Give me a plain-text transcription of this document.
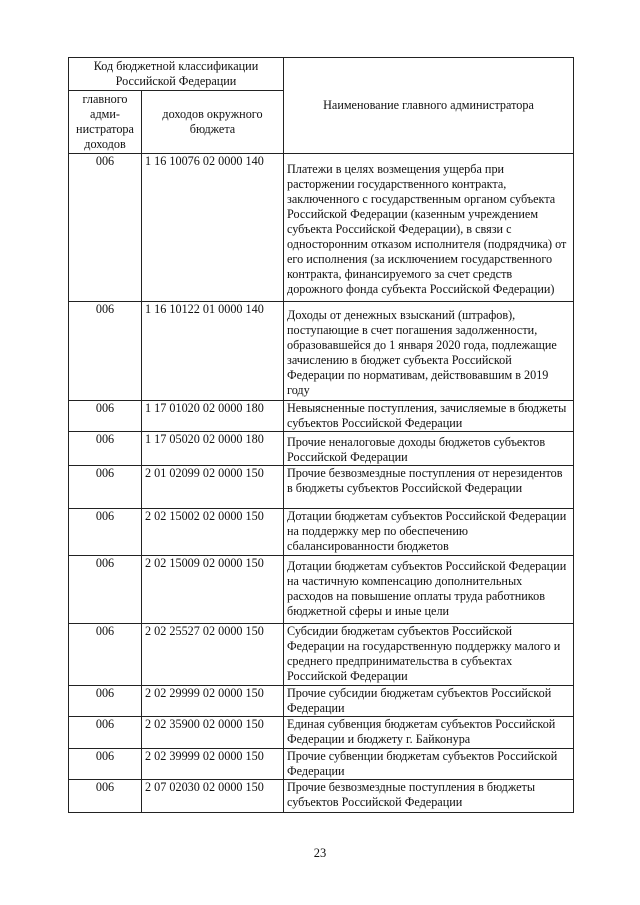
Код бюджетной классификации Российской Федерации		Наименование главного администратора
главного адми-нистратора доходов	доходов окружного бюджета	
006	1 16 10076 02 0000 140	Платежи в целях возмещения ущерба при расторжении государственного контракта, заключенного с государственным органом субъекта Российской Федерации (казенным учреждением субъекта Российской Федерации), в связи с односторонним отказом исполнителя (подрядчика) от его исполнения (за исключением государственного контракта, финансируемого за счет средств дорожного фонда субъекта Российской Федерации)
006	1 16 10122 01 0000 140	Доходы от денежных взысканий (штрафов), поступающие в счет погашения задолженности, образовавшейся до 1 января 2020 года, подлежащие зачислению в бюджет субъекта Российской Федерации по нормативам, действовавшим в 2019 году
006	1 17 01020 02 0000 180	Невыясненные поступления, зачисляемые в бюджеты субъектов Российской Федерации
006	1 17 05020 02 0000 180	Прочие неналоговые доходы бюджетов субъектов Российской Федерации
006	2 01 02099 02 0000 150	Прочие безвозмездные поступления от нерезидентов в бюджеты субъектов Российской Федерации
006	2 02 15002 02 0000 150	Дотации бюджетам субъектов Российской Федерации на поддержку мер по обеспечению сбалансированности бюджетов
006	2 02 15009 02 0000 150	Дотации бюджетам субъектов Российской Федерации на частичную компенсацию дополнительных расходов на повышение оплаты труда работников бюджетной сферы и иные цели
006	2 02 25527 02 0000 150	Субсидии бюджетам субъектов Российской Федерации на государственную поддержку малого и среднего предпринимательства в субъектах Российской Федерации
006	2 02 29999 02 0000 150	Прочие субсидии бюджетам субъектов Российской Федерации
006	2 02 35900 02 0000 150	Единая субвенция бюджетам субъектов Российской Федерации и бюджету г. Байконура
006	2 02 39999 02 0000 150	Прочие субвенции бюджетам субъектов Российской Федерации
006	2 07 02030 02 0000 150	Прочие безвозмездные поступления в бюджеты субъектов Российской Федерации
23
